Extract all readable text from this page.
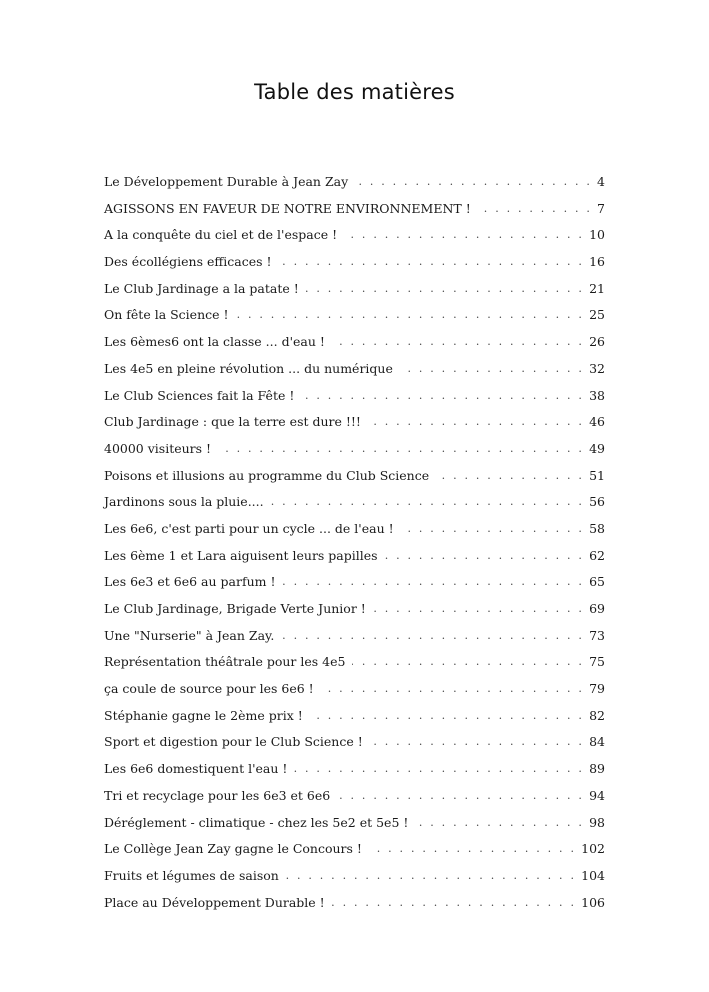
Table des matières
Le Développement Durable à Jean Zay . . .	4
AGISSONS EN FAVEUR DE NOTRE ENVIRONNEMENT ! . . .	7
A la conquête du ciel et de l'espace ! . . .	10
Des écollégiens efficaces ! . . .	16
Le Club Jardinage a la patate ! . . .	21
On fête la Science ! . . .	25
Les 6èmes6 ont la classe ... d'eau ! . . .	26
Les 4e5 en pleine révolution ... du numérique . . .	32
Le Club Sciences fait la Fête ! . . .	38
Club Jardinage : que la terre est dure !!! . . .	46
40000 visiteurs ! . . .	49
Poisons et illusions au programme du Club Science . . .	51
Jardinons sous la pluie.... . . .	56
Les 6e6, c'est parti pour un cycle ... de l'eau ! . . .	58
Les 6ème 1 et Lara aiguisent leurs papilles . . .	62
Les 6e3 et 6e6 au parfum ! . . .	65
Le Club Jardinage, Brigade Verte Junior ! . . .	69
Une "Nurserie" à Jean Zay. . . .	73
Représentation théâtrale pour les 4e5 . . .	75
ça coule de source pour les 6e6 ! . . .	79
Stéphanie gagne le 2ème prix ! . . .	82
Sport et digestion pour le Club Science ! . . .	84
Les 6e6 domestiquent l'eau ! . . .	89
Tri et recyclage pour les 6e3 et 6e6 . . .	94
Déréglement - climatique - chez les 5e2 et 5e5 ! . . .	98
Le Collège Jean Zay gagne le Concours ! . . .	102
Fruits et légumes de saison . . .	104
Place au Développement Durable ! . . .	106
